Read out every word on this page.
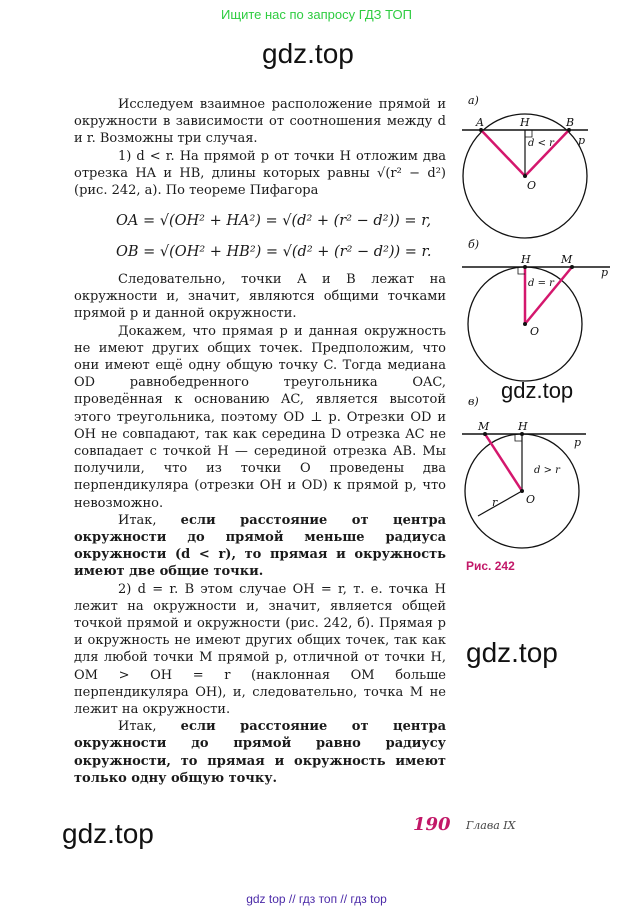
Ищите нас по запросу ГДЗ ТОП
gdz.top
gdz.top
gdz.top
gdz.top

Исследуем взаимное расположение прямой и окружности в зависимости от соотношения между d и r. Возможны три случая.

1) d < r. На прямой p от точки H отложим два отрезка HA и HB, длины которых равны √(r² − d²) (рис. 242, а). По теореме Пифагора

OA = √(OH² + HA²) = √(d² + (r² − d²)) = r,
OB = √(OH² + HB²) = √(d² + (r² − d²)) = r.

Следовательно, точки A и B лежат на окружности и, значит, являются общими точками прямой p и данной окружности.

Докажем, что прямая p и данная окружность не имеют других общих точек. Предположим, что они имеют ещё одну общую точку C. Тогда медиана OD равнобедренного треугольника OAC, проведённая к основанию AC, является высотой этого треугольника, поэтому OD ⊥ p. Отрезки OD и OH не совпадают, так как середина D отрезка AC не совпадает с точкой H — серединой отрезка AB. Мы получили, что из точки O проведены два перпендикуляра (отрезки OH и OD) к прямой p, что невозможно.

Итак, если расстояние от центра окружности до прямой меньше радиуса окружности (d < r), то прямая и окружность имеют две общие точки.

2) d = r. В этом случае OH = r, т. е. точка H лежит на окружности и, значит, является общей точкой прямой и окружности (рис. 242, б). Прямая p и окружность не имеют других общих точек, так как для любой точки M прямой p, отличной от точки H, OM > OH = r (наклонная OM больше перпендикуляра OH), и, следовательно, точка M не лежит на окружности.

Итак, если расстояние от центра окружности до прямой равно радиусу окружности, то прямая и окружность имеют только одну общую точку.

а)
A	H	B
p
d < r
O
б)
H	M
p
d = r
O
в)
M	H
p
d > r
O
r
Рис. 242
190 Глава IX
gdz top // гдз топ // гдз top
